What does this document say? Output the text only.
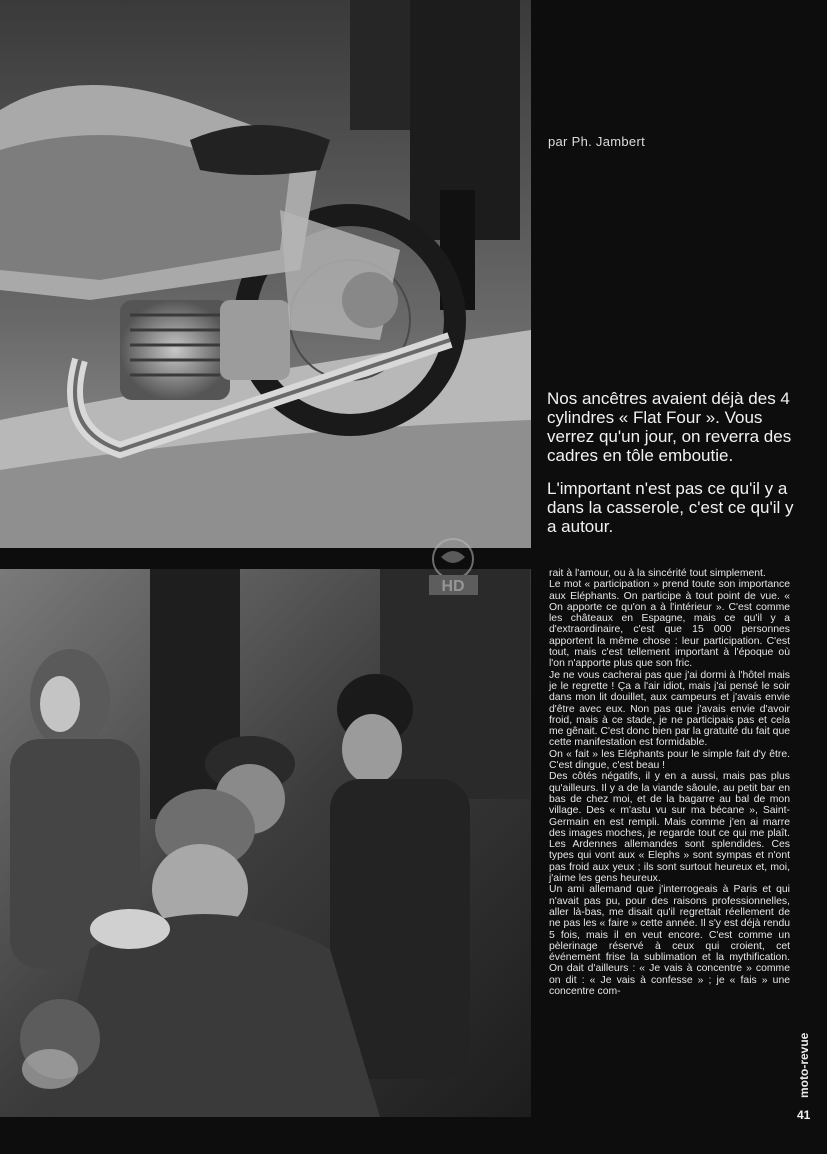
par Ph. Jambert

Nos ancêtres avaient déjà des 4 cylindres « Flat Four ». Vous verrez qu'un jour, on reverra des cadres en tôle emboutie.

L'important n'est pas ce qu'il y a dans la casserole, c'est ce qu'il y a autour.

HD

rait à l'amour, ou à la sincérité tout simplement.

Le mot « participation » prend toute son importance aux Eléphants. On participe à tout point de vue. « On apporte ce qu'on a à l'intérieur ». C'est comme les châteaux en Espagne, mais ce qu'il y a d'extraordinaire, c'est que 15 000 personnes apportent la même chose : leur participation. C'est tout, mais c'est tellement important à l'époque où l'on n'apporte plus que son fric.

Je ne vous cacherai pas que j'ai dormi à l'hôtel mais je le regrette ! Ça a l'air idiot, mais j'ai pensé le soir dans mon lit douillet, aux campeurs et j'avais envie d'être avec eux. Non pas que j'avais envie d'avoir froid, mais à ce stade, je ne participais pas et cela me gênait. C'est donc bien par la gratuité du fait que cette manifestation est formidable.

On « fait » les Eléphants pour le simple fait d'y être. C'est dingue, c'est beau !

Des côtés négatifs, il y en a aussi, mais pas plus qu'ailleurs. Il y a de la viande sâoule, au petit bar en bas de chez moi, et de la bagarre au bal de mon village. Des « m'astu vu sur ma bécane », Saint-Germain en est rempli. Mais comme j'en ai marre des images moches, je regarde tout ce qui me plaît. Les Ardennes allemandes sont splendides. Ces types qui vont aux « Elephs » sont sympas et n'ont pas froid aux yeux ; ils sont surtout heureux et, moi, j'aime les gens heureux.

Un ami allemand que j'interrogeais à Paris et qui n'avait pas pu, pour des raisons professionnelles, aller là-bas, me disait qu'il regrettait réellement de ne pas les « faire » cette année. Il s'y est déjà rendu 5 fois, mais il en veut encore. C'est comme un pèlerinage réservé à ceux qui croient, cet événement frise la sublimation et la mythification. On dait d'ailleurs : « Je vais à concentre » comme on dit : « Je vais à confesse » ; je « fais » une concentre com-

moto-revue
41
